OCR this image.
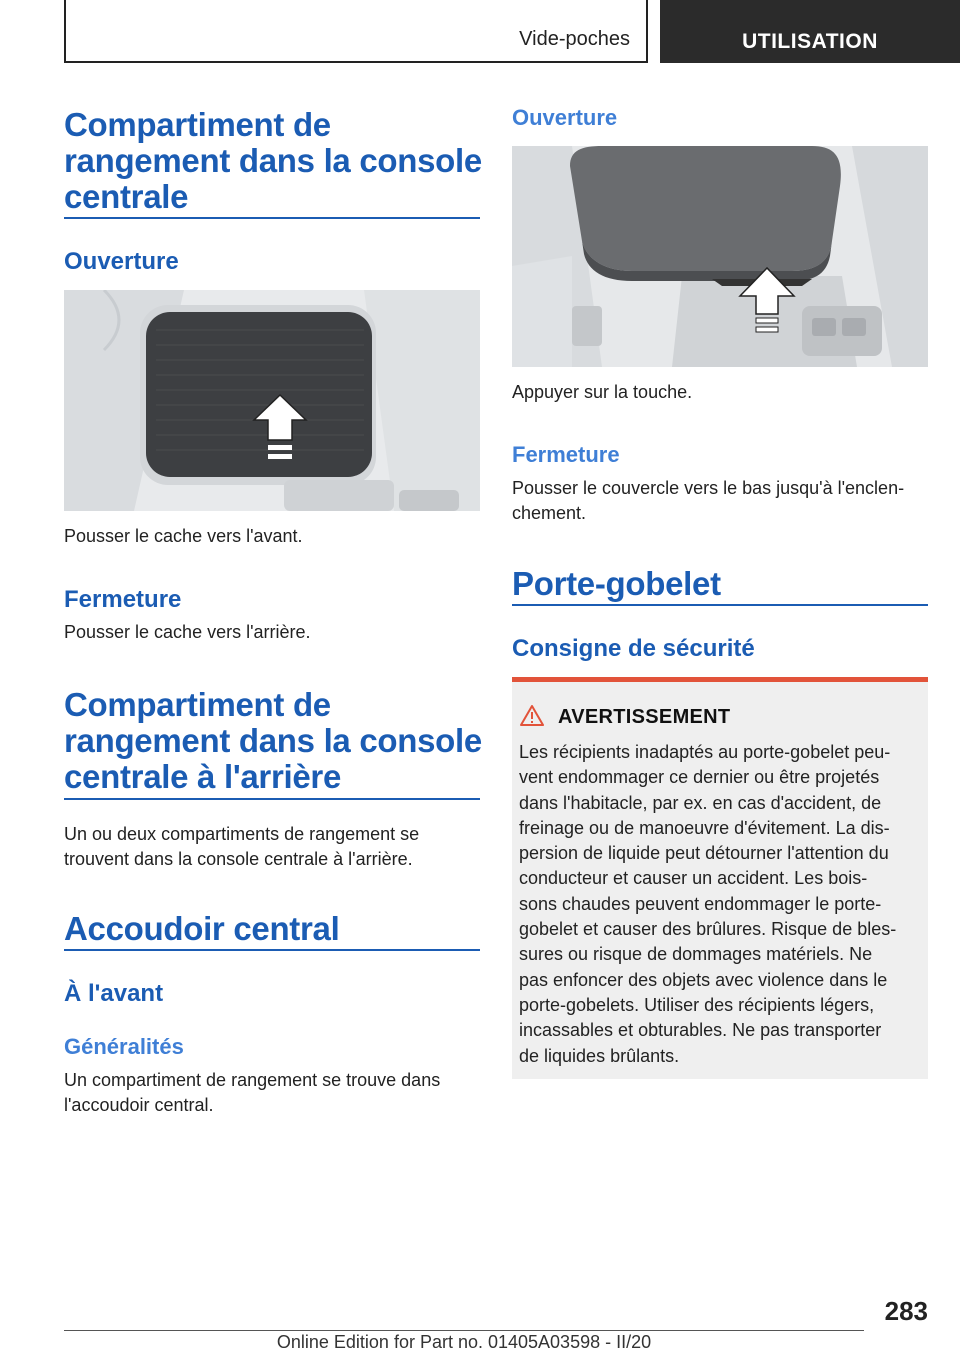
Vide-poches	UTILISATION
Compartiment de
rangement dans la console
centrale
Ouverture

Pousser le cache vers l'avant.

Fermeture

Pousser le cache vers l'arrière.

Compartiment de
rangement dans la console
centrale à l'arrière

Un ou deux compartiments de rangement se
trouvent dans la console centrale à l'arrière.

Accoudoir central
À l'avant
Généralités

Un compartiment de rangement se trouve dans
l'accoudoir central.

Ouverture

Appuyer sur la touche.

Fermeture

Pousser le couvercle vers le bas jusqu'à l'enclen-
chement.

Porte-gobelet
Consigne de sécurité
AVERTISSEMENT
Les récipients inadaptés au porte-gobelet peu-
vent endommager ce dernier ou être projetés
dans l'habitacle, par ex. en cas d'accident, de
freinage ou de manoeuvre d'évitement. La dis-
persion de liquide peut détourner l'attention du
conducteur et causer un accident. Les bois-
sons chaudes peuvent endommager le porte-
gobelet et causer des brûlures. Risque de bles-
sures ou risque de dommages matériels. Ne
pas enfoncer des objets avec violence dans le
porte-gobelets. Utiliser des récipients légers,
incassables et obturables. Ne pas transporter
de liquides brûlants.
283
Online Edition for Part no. 01405A03598 - II/20
